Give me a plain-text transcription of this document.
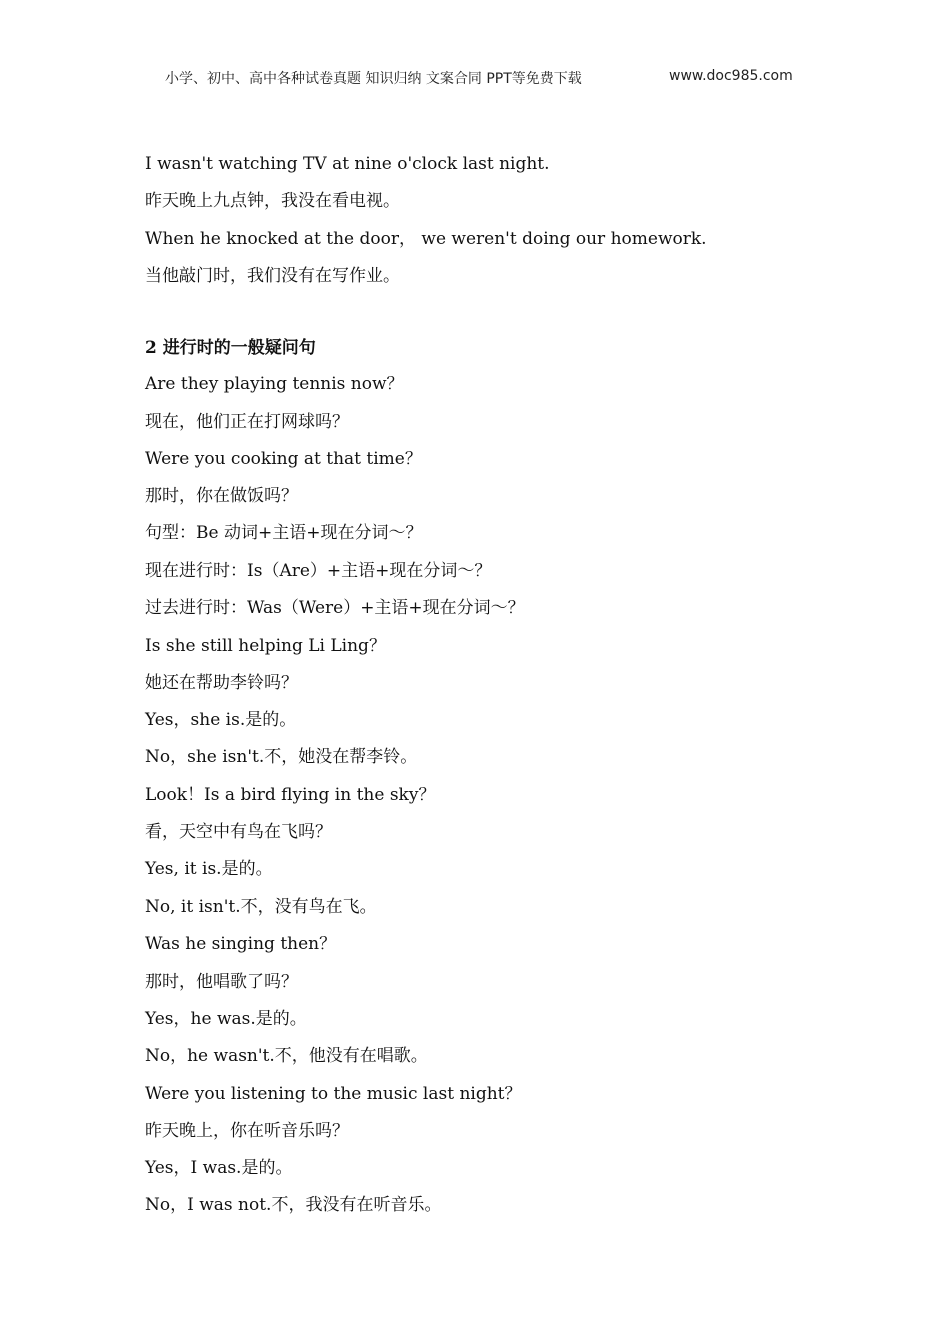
小学、初中、高中各种试卷真题 知识归纳 文案合同 PPT等免费下载	www.doc985.com
I wasn't watching TV at nine o'clock last night.
昨天晚上九点钟，我没在看电视。
When he knocked at the door， we weren't doing our homework.
当他敲门时，我们没有在写作业。
2 进行时的一般疑问句
Are they playing tennis now？
现在，他们正在打网球吗？
Were you cooking at that time？
那时，你在做饭吗？
句型：Be 动词+主语+现在分词～？
现在进行时：Is（Are）+主语+现在分词～？
过去进行时：Was（Were）+主语+现在分词～？
Is she still helping Li Ling？
她还在帮助李铃吗？
Yes，she is.是的。
No，she isn't.不，她没在帮李铃。
Look！Is a bird flying in the sky？
看，天空中有鸟在飞吗？
Yes, it is.是的。
No, it isn't.不，没有鸟在飞。
Was he singing then？
那时，他唱歌了吗？
Yes，he was.是的。
No，he wasn't.不，他没有在唱歌。
Were you listening to the music last night？
昨天晚上，你在听音乐吗？
Yes，I was.是的。
No，I was not.不，我没有在听音乐。
